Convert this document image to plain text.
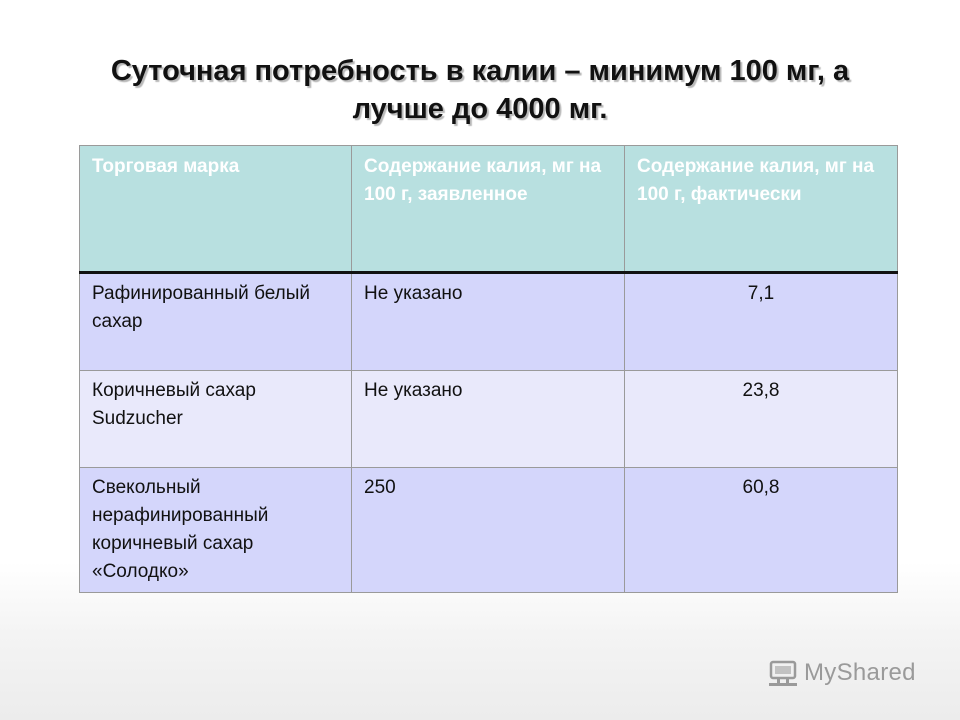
Суточная потребность в калии – минимум 100 мг, а
лучше до 4000 мг.
Торговая марка	Содержание калия, мг на 100 г, заявленное	Содержание калия, мг на 100 г, фактически
Рафинированный белый сахар	Не указано	7,1
Коричневый сахар Sudzucher	Не указано	23,8
Свекольный нерафинированный коричневый сахар «Солодко»	250	60,8
MyShared
